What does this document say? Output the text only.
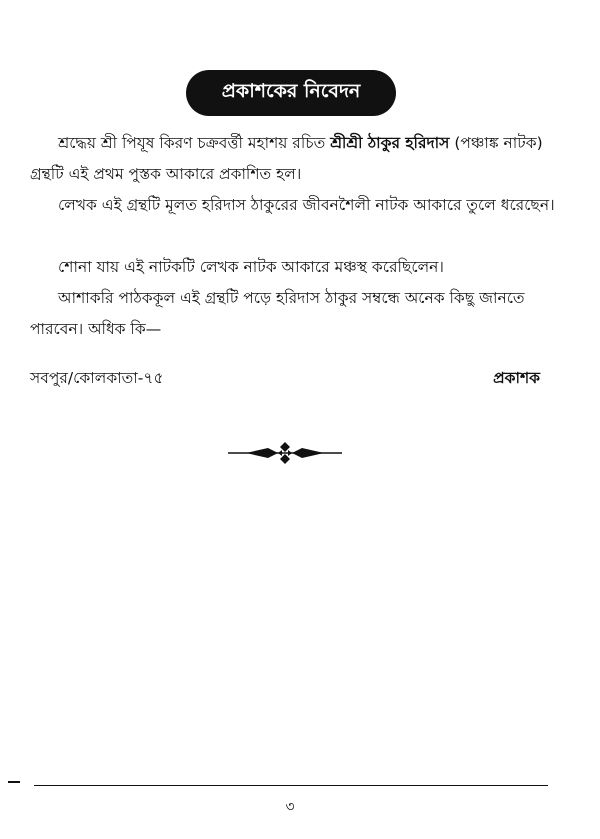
প্রকাশকের নিবেদন
শ্রদ্ধেয় শ্রী পিযূষ কিরণ চক্রবর্ত্তী মহাশয় রচিত শ্রীশ্রী ঠাকুর হরিদাস (পঞ্চাঙ্ক নাটক) গ্রন্থটি এই প্রথম পুস্তক আকারে প্রকাশিত হল।
লেখক এই গ্রন্থটি মূলত হরিদাস ঠাকুরের জীবনশৈলী নাটক আকারে তুলে ধরেছেন।
শোনা যায় এই নাটকটি লেখক নাটক আকারে মঞ্চস্থ করেছিলেন।
আশাকরি পাঠককূল এই গ্রন্থটি পড়ে হরিদাস ঠাকুর সম্বন্ধে অনেক কিছু জানতে পারবেন। অধিক কি—
সবপুর/কোলকাতা-৭৫	প্রকাশক
৩
